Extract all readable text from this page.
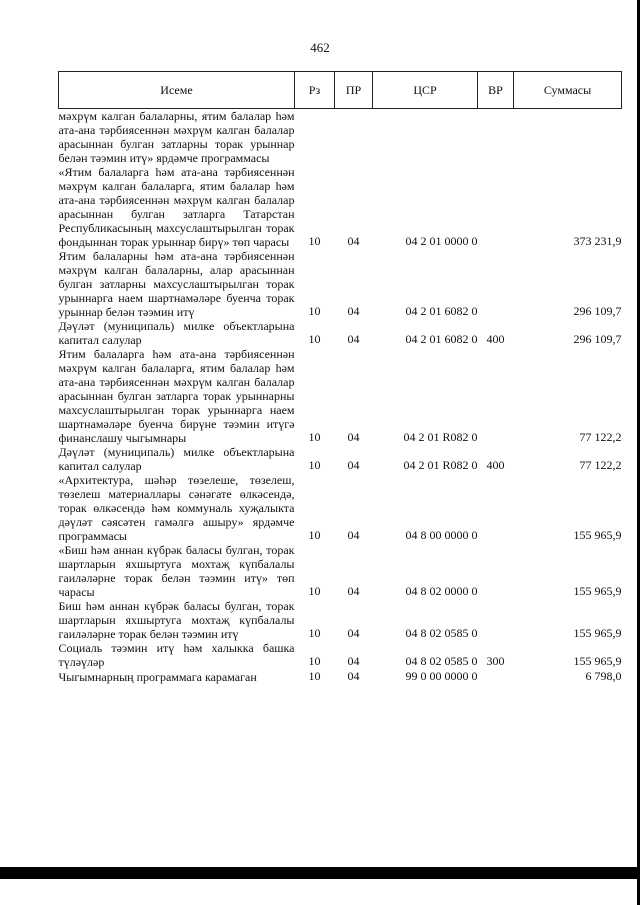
462
Исеме	Рз	ПР	ЦСР	ВР	Суммасы
мәхрүм калган балаларны, ятим балалар һәм ата-ана тәрбиясеннән мәхрүм калган балалар арасыннан булган затларны торак урыннар белән тәэмин итү» ярдәмче программасы					
«Ятим балаларга һәм ата-ана тәрбиясеннән мәхрүм калган балаларга, ятим балалар һәм ата-ана тәрбиясеннән мәхрүм калган балалар арасыннан булган затларга Татарстан Республикасының махсуслаштырылган торак фондыннан торак урыннар бирү» төп чарасы	10	04	04 2 01 0000 0		373 231,9
Ятим балаларны һәм ата-ана тәрбиясеннән мәхрүм калган балаларны, алар арасыннан булган затларны махсуслаштырылган торак урыннарга наем шартнамәләре буенча торак урыннар белән тәэмин итү	10	04	04 2 01 6082 0		296 109,7
Дәүләт (муниципаль) милке объектларына капитал салулар	10	04	04 2 01 6082 0	400	296 109,7
Ятим балаларга һәм ата-ана тәрбиясеннән мәхрүм калган балаларга, ятим балалар һәм ата-ана тәрбиясеннән мәхрүм калган балалар арасыннан булган затларга торак урыннарны махсуслаштырылган торак урыннарга наем шартнамәләре буенча бирүне тәэмин итүгә финанслашу чыгымнары	10	04	04 2 01 R082 0		77 122,2
Дәүләт (муниципаль) милке объектларына капитал салулар	10	04	04 2 01 R082 0	400	77 122,2
«Архитектура, шәһәр төзелеше, төзелеш, төзелеш материаллары сәнәгате өлкәсендә, торак өлкәсендә һәм коммуналь хуҗалыкта дәүләт сәясәтен гамәлгә ашыру» ярдәмче программасы	10	04	04 8 00 0000 0		155 965,9
«Биш һәм аннан күбрәк баласы булган, торак шартларын яхшыртуга мохтаҗ күпбалалы гаиләләрне торак белән тәэмин итү» төп чарасы	10	04	04 8 02 0000 0		155 965,9
Биш һәм аннан күбрәк баласы булган, торак шартларын яхшыртуга мохтаҗ күпбалалы гаиләләрне торак белән тәэмин итү	10	04	04 8 02 0585 0		155 965,9
Социаль тәэмин итү һәм халыкка башка түләүләр	10	04	04 8 02 0585 0	300	155 965,9
Чыгымнарның программага карамаган	10	04	99 0 00 0000 0		6 798,0
